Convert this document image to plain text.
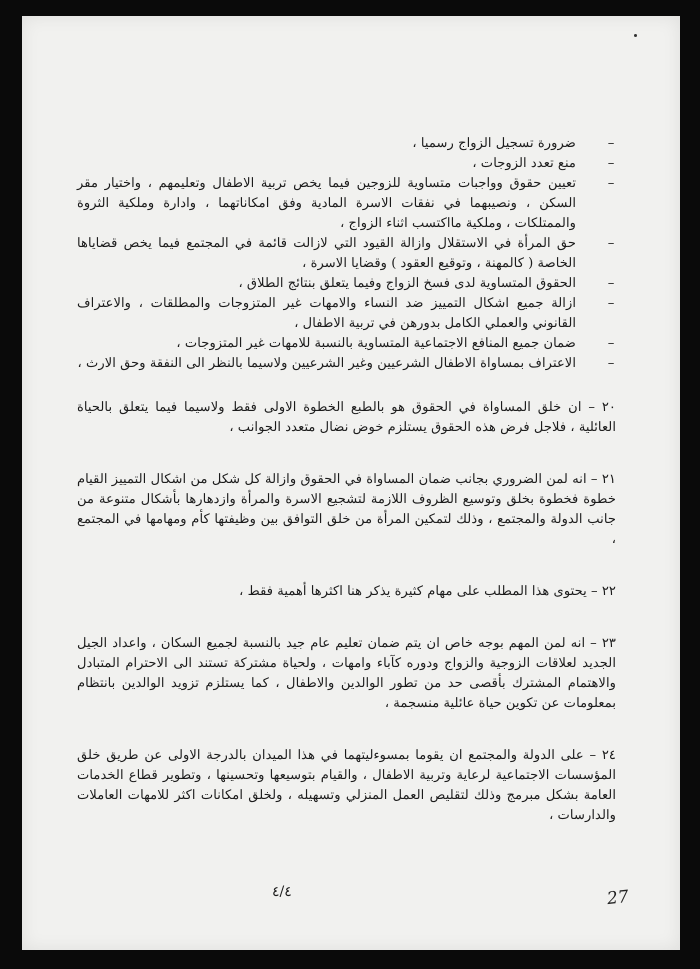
–
ضرورة تسجيل الزواج رسميا ،
–
منع تعدد الزوجات ،
–
تعيين حقوق وواجبات متساوية للزوجين فيما يخص تربية الاطفال وتعليمهم ، واختيار مقر السكن ، ونصيبهما في نفقات الاسرة المادية وفق امكاناتهما ، وادارة وملكية الثروة والممتلكات ، وملكية مااكتسب اثناء الزواج ،
–
حق المرأة في الاستقلال وازالة القيود التي لازالت قائمة في المجتمع فيما يخص قضاياها الخاصة ( كالمهنة ، وتوقيع العقود ) وقضايا الاسرة ،
–
الحقوق المتساوية لدى فسخ الزواج وفيما يتعلق بنتائج الطلاق ،
–
ازالة جميع اشكال التمييز ضد النساء والامهات غير المتزوجات والمطلقات ، والاعتراف القانوني والعملي الكامل بدورهن في تربية الاطفال ،
–
ضمان جميع المنافع الاجتماعية المتساوية بالنسبة للامهات غير المتزوجات ،
–
الاعتراف بمساواة الاطفال الشرعيين وغير الشرعيين ولاسيما بالنظر الى النفقة وحق الارث ،

٢٠ – ان خلق المساواة في الحقوق هو بالطبع الخطوة الاولى فقط ولاسيما فيما يتعلق بالحياة العائلية ، فلاجل فرض هذه الحقوق يستلزم خوض نضال متعدد الجوانب ،

٢١ – انه لمن الضروري بجانب ضمان المساواة في الحقوق وازالة كل شكل من اشكال التمييز القيام خطوة فخطوة بخلق وتوسيع الظروف اللازمة لتشجيع الاسرة والمرأة وازدهارها بأشكال متنوعة من جانب الدولة والمجتمع ، وذلك لتمكين المرأة من خلق التوافق بين وظيفتها كأم ومهامها في المجتمع ،

٢٢ – يحتوى هذا المطلب على مهام كثيرة يذكر هنا اكثرها أهمية فقط ،

٢٣ – انه لمن المهم بوجه خاص ان يتم ضمان تعليم عام جيد بالنسبة لجميع السكان ، واعداد الجيل الجديد لعلاقات الزوجية والزواج ودوره كآباء وامهات ، ولحياة مشتركة تستند الى الاحترام المتبادل والاهتمام المشترك بأقصى حد من تطور الوالدين والاطفال ، كما يستلزم تزويد الوالدين بانتظام بمعلومات عن تكوين حياة عائلية منسجمة ،

٢٤ – على الدولة والمجتمع ان يقوما بمسوءليتهما في هذا الميدان بالدرجة الاولى عن طريق خلق المؤسسات الاجتماعية لرعاية وتربية الاطفال ، والقيام بتوسيعها وتحسينها ، وتطوير قطاع الخدمات العامة بشكل مبرمج وذلك لتقليص العمل المنزلي وتسهيله ، ولخلق امكانات اكثر للامهات العاملات والدارسات ،

٤/٤	27
